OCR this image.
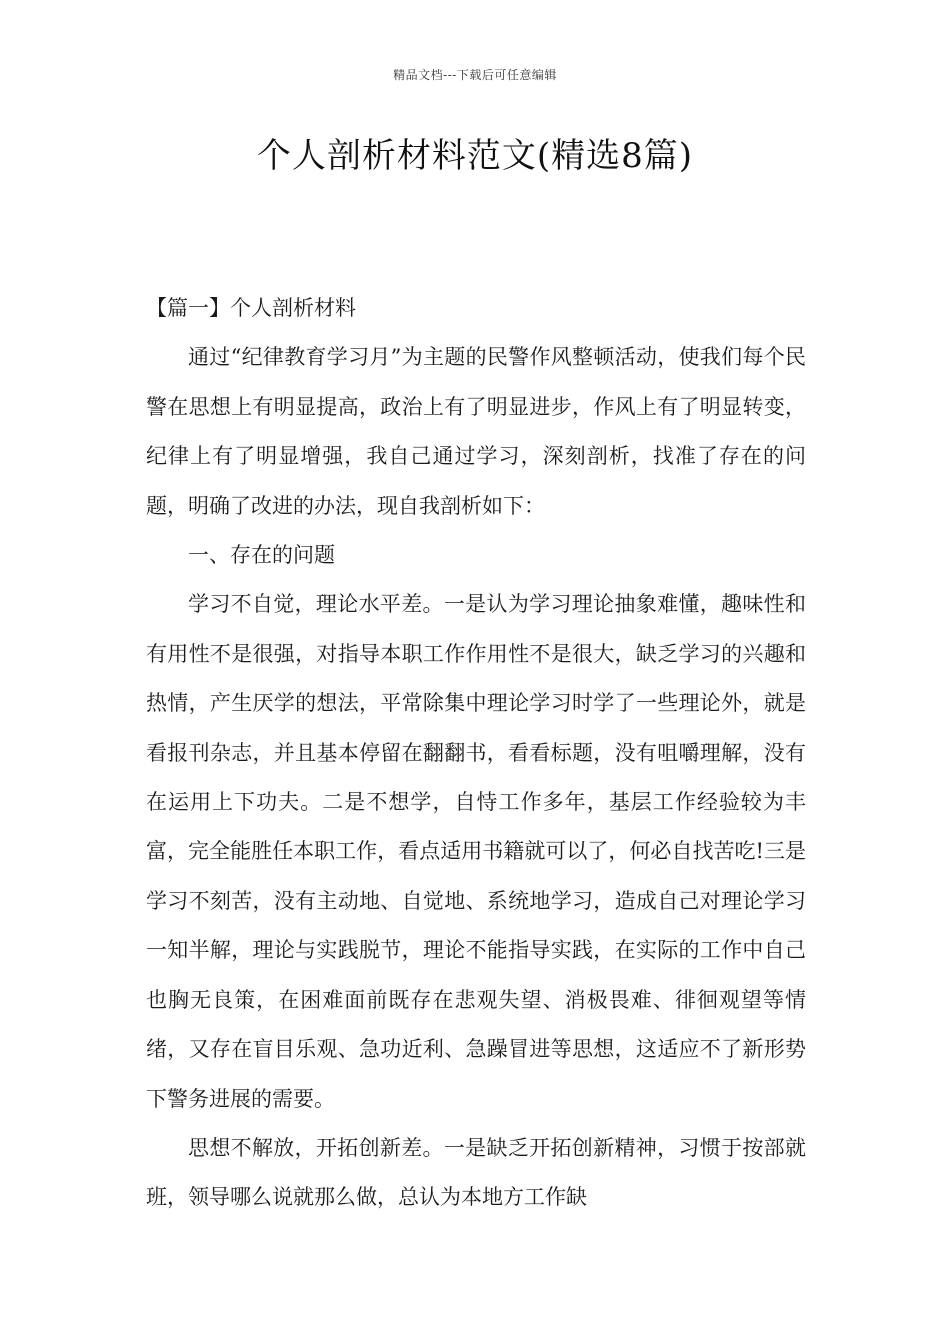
精品文档---下载后可任意编辑
个人剖析材料范文(精选8篇)
【篇一】个人剖析材料

通过“纪律教育学习月”为主题的民警作风整顿活动，使我们每个民警在思想上有明显提高，政治上有了明显进步，作风上有了明显转变，纪律上有了明显增强，我自己通过学习，深刻剖析，找准了存在的问题，明确了改进的办法，现自我剖析如下：

一、存在的问题

学习不自觉，理论水平差。一是认为学习理论抽象难懂，趣味性和有用性不是很强，对指导本职工作作用性不是很大，缺乏学习的兴趣和热情，产生厌学的想法，平常除集中理论学习时学了一些理论外，就是看报刊杂志，并且基本停留在翻翻书，看看标题，没有咀嚼理解，没有在运用上下功夫。二是不想学，自恃工作多年，基层工作经验较为丰富，完全能胜任本职工作，看点适用书籍就可以了，何必自找苦吃!三是学习不刻苦，没有主动地、自觉地、系统地学习，造成自己对理论学习一知半解，理论与实践脱节，理论不能指导实践，在实际的工作中自己也胸无良策，在困难面前既存在悲观失望、消极畏难、徘徊观望等情绪，又存在盲目乐观、急功近利、急躁冒进等思想，这适应不了新形势下警务进展的需要。

思想不解放，开拓创新差。一是缺乏开拓创新精神，习惯于按部就班，领导哪么说就那么做，总认为本地方工作缺
